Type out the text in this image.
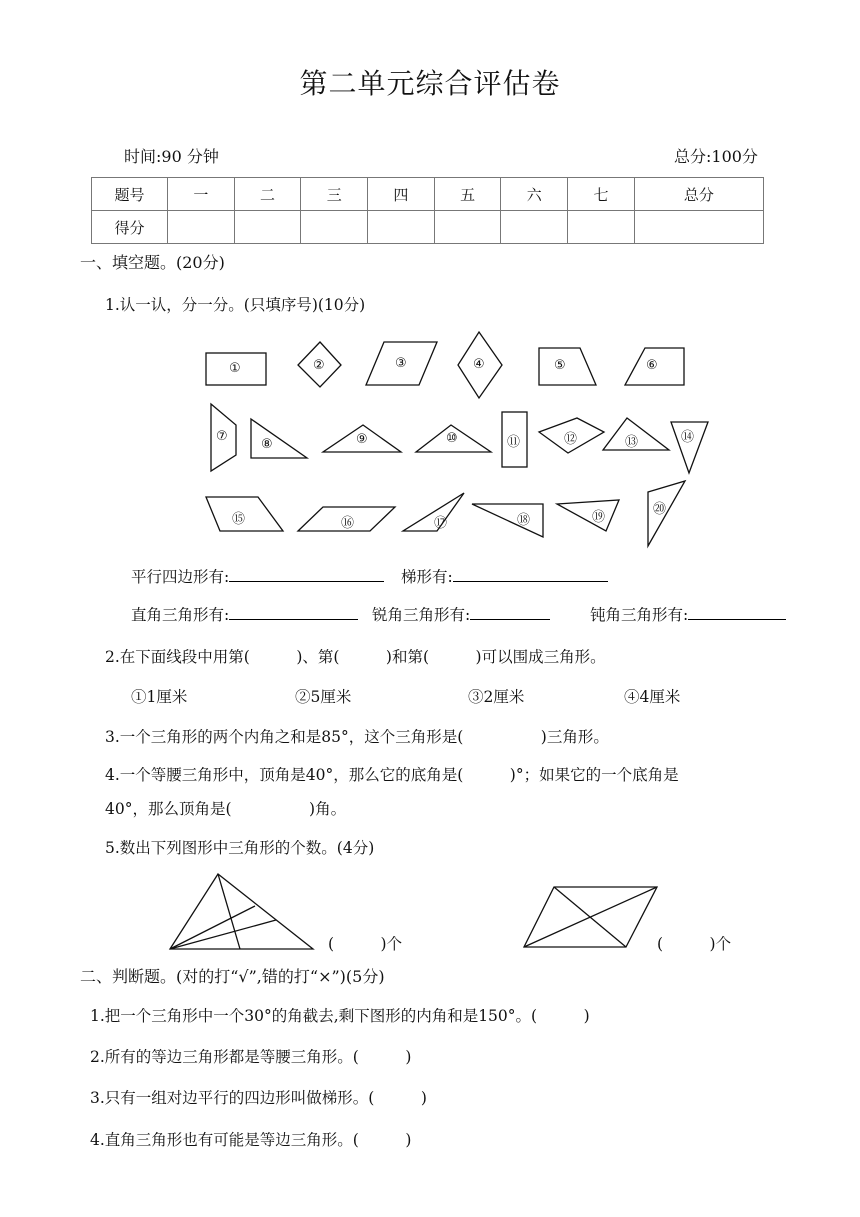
第二单元综合评估卷
时间:90 分钟	总分:100分
题号	一	二	三	四	五	六	七	总分
得分								
一、填空题。(20分)
1.认一认，分一分。(只填序号)(10分)
①	②	③	④	⑤	⑥
⑦
⑧	⑨	⑩	⑪	⑫	⑬	⑭
⑮	⑯	⑰	⑱	⑲
⑳
平行四边形有:	梯形有:
直角三角形有:	锐角三角形有:	钝角三角形有:
2.在下面线段中用第(　　　)、第(　　　)和第(　　　)可以围成三角形。
①1厘米	②5厘米	③2厘米	④4厘米
3.一个三角形的两个内角之和是85°，这个三角形是(　　　　　)三角形。
4.一个等腰三角形中，顶角是40°，那么它的底角是(　　　)°；如果它的一个底角是
40°，那么顶角是(　　　　　)角。
5.数出下列图形中三角形的个数。(4分)
(　　　)个	(　　　)个
二、判断题。(对的打“√”,错的打“×”)(5分)
1.把一个三角形中一个30°的角截去,剩下图形的内角和是150°。(　　　)
2.所有的等边三角形都是等腰三角形。(　　　)
3.只有一组对边平行的四边形叫做梯形。(　　　)
4.直角三角形也有可能是等边三角形。(　　　)
